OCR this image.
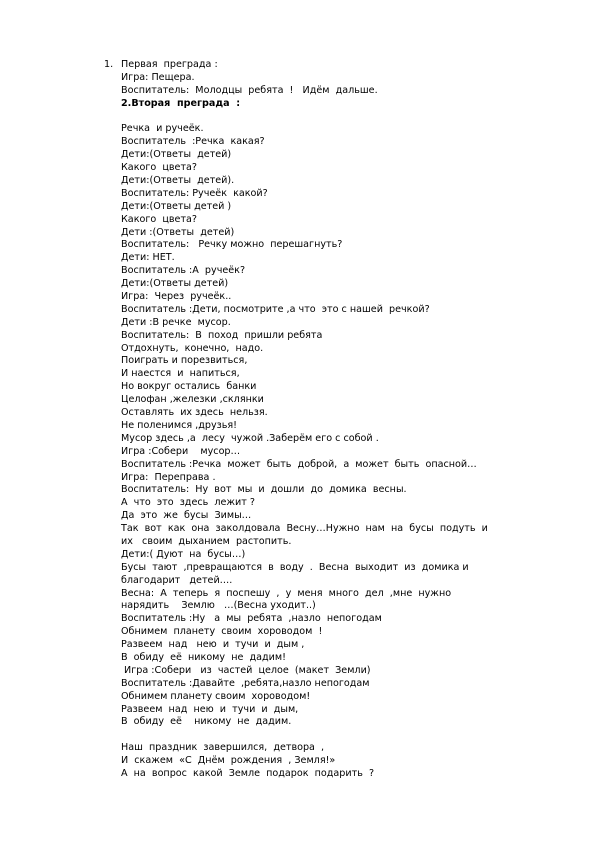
1. Первая  преграда :
Игра: Пещера.
Воспитатель:  Молодцы  ребята  !   Идём  дальше.
2.Вторая  преграда  :
Речка  и ручеёк.
Воспитатель  :Речка  какая?
Дети:(Ответы  детей)
Какого  цвета?
Дети:(Ответы  детей).
Воспитатель: Ручеёк  какой?
Дети:(Ответы детей )
Какого  цвета?
Дети :(Ответы  детей)
Воспитатель:   Речку можно  перешагнуть?
Дети: НЕТ.
Воспитатель :А  ручеёк?
Дети:(Ответы детей)
Игра:  Через  ручеёк..
Воспитатель :Дети, посмотрите ,а что  это с нашей  речкой?
Дети :В речке  мусор.
Воспитатель:  В  поход  пришли ребята
Отдохнуть,  конечно,  надо.
Поиграть и порезвиться,
И наестся  и  напиться,
Но вокруг остались  банки
Целофан ,железки ,склянки
Оставлять  их здесь  нельзя.
Не поленимся ,друзья!
Мусор здесь ,а  лесу  чужой .Заберём его с собой .
Игра :Собери    мусор…
Воспитатель :Речка  может  быть  доброй,  а  может  быть  опасной…
Игра:  Переправа .
Воспитатель:  Ну  вот  мы  и  дошли  до  домика  весны.
А  что  это  здесь  лежит ?
Да  это  же  бусы  Зимы…
Так  вот  как  она  заколдовала  Весну…Нужно  нам  на  бусы  подуть  и
их   своим  дыханием  растопить.
Дети:( Дуют  на  бусы…)
Бусы  тают  ,превращаются  в  воду  .  Весна  выходит  из  домика и
благодарит   детей….
Весна:  А  теперь  я  поспешу  ,  у  меня  много  дел  ,мне  нужно
нарядить    Землю   …(Весна уходит..)
Воспитатель :Ну   а  мы  ребята  ,назло  непогодам
Обнимем  планету  своим  хороводом  !
Развеем  над   нею  и  тучи  и  дым ,
В  обиду  её  никому  не  дадим!
Игра :Собери   из  частей  целое  (макет  Земли)
Воспитатель :Давайте  ,ребята,назло непогодам
Обнимем планету своим  хороводом!
Развеем  над  нею  и  тучи  и  дым,
В  обиду  её    никому  не  дадим.
Наш  праздник  завершился,  детвора  ,
И  скажем  «С  Днём  рождения  , Земля!»
А  на  вопрос  какой  Земле  подарок  подарить  ?
